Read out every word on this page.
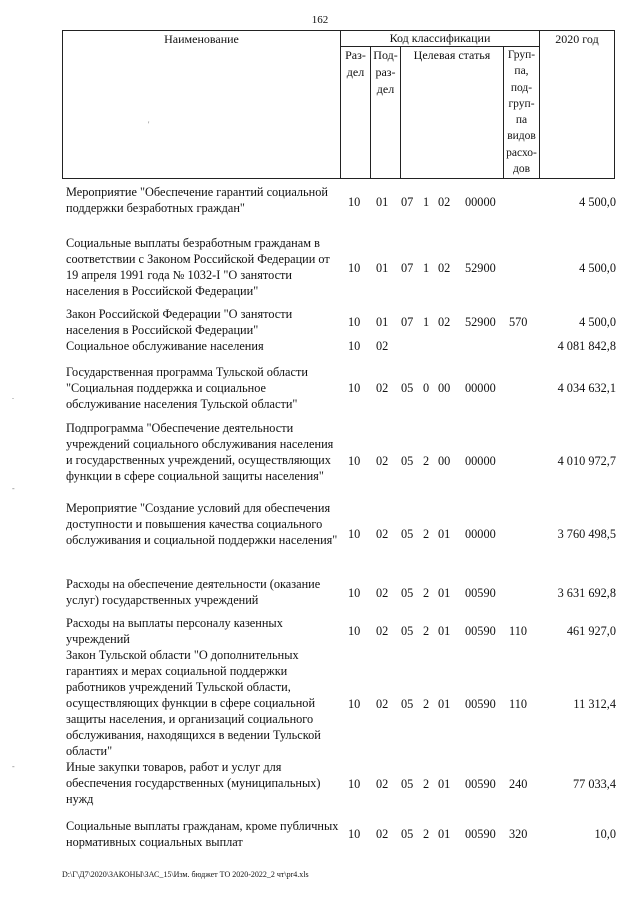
162
Наименование	Код классификации
Раз-
дел
Под-
раз-
дел
Целевая статья	Груп-
па,
под-
груп-
па
видов
расхо-
дов
2020 год
'
.
-
-
Мероприятие "Обеспечение гарантий социальной поддержки безработных граждан"	10 01 07 1 02 00000	4 500,0
Социальные выплаты безработным гражданам в соответствии с Законом Российской Федерации от 19 апреля 1991 года № 1032-I "О занятости населения в Российской Федерации"
10 01 07 1 02 52900	4 500,0
Закон Российской Федерации "О занятости населения в Российской Федерации"
10 01 07 1 02 52900 570	4 500,0
Социальное обслуживание населения	10 02	4 081 842,8
Государственная программа Тульской области "Социальная поддержка и социальное обслуживание населения Тульской области"
10 02 05 0 00 00000	4 034 632,1
Подпрограмма "Обеспечение деятельности учреждений социального обслуживания населения и государственных учреждений, осуществляющих функции в сфере социальной защиты населения"
10 02 05 2 00 00000	4 010 972,7
Мероприятие "Создание условий для обеспечения доступности и повышения качества социального обслуживания и социальной поддержки населения" 10 02 05 2 01 00000	3 760 498,5
Расходы на обеспечение деятельности (оказание услуг) государственных учреждений	10 02 05 2 01 00590	3 631 692,8
Расходы на выплаты персоналу казенных учреждений
10 02 05 2 01 00590 110	461 927,0
Закон Тульской области "О дополнительных гарантиях и мерах социальной поддержки работников учреждений Тульской области, осуществляющих функции в сфере социальной защиты населения, и организаций социального обслуживания, находящихся в ведении Тульской области"
10 02 05 2 01 00590 110	11 312,4
Иные закупки товаров, работ и услуг для обеспечения государственных (муниципальных) нужд
10 02 05 2 01 00590 240	77 033,4
Социальные выплаты гражданам, кроме публичных нормативных социальных выплат
10 02 05 2 01 00590 320	10,0
D:\Г\Д7\2020\ЗАКОНЫ\ЗАС_15\Изм. бюджет ТО 2020-2022_2 чт\pr4.xls
